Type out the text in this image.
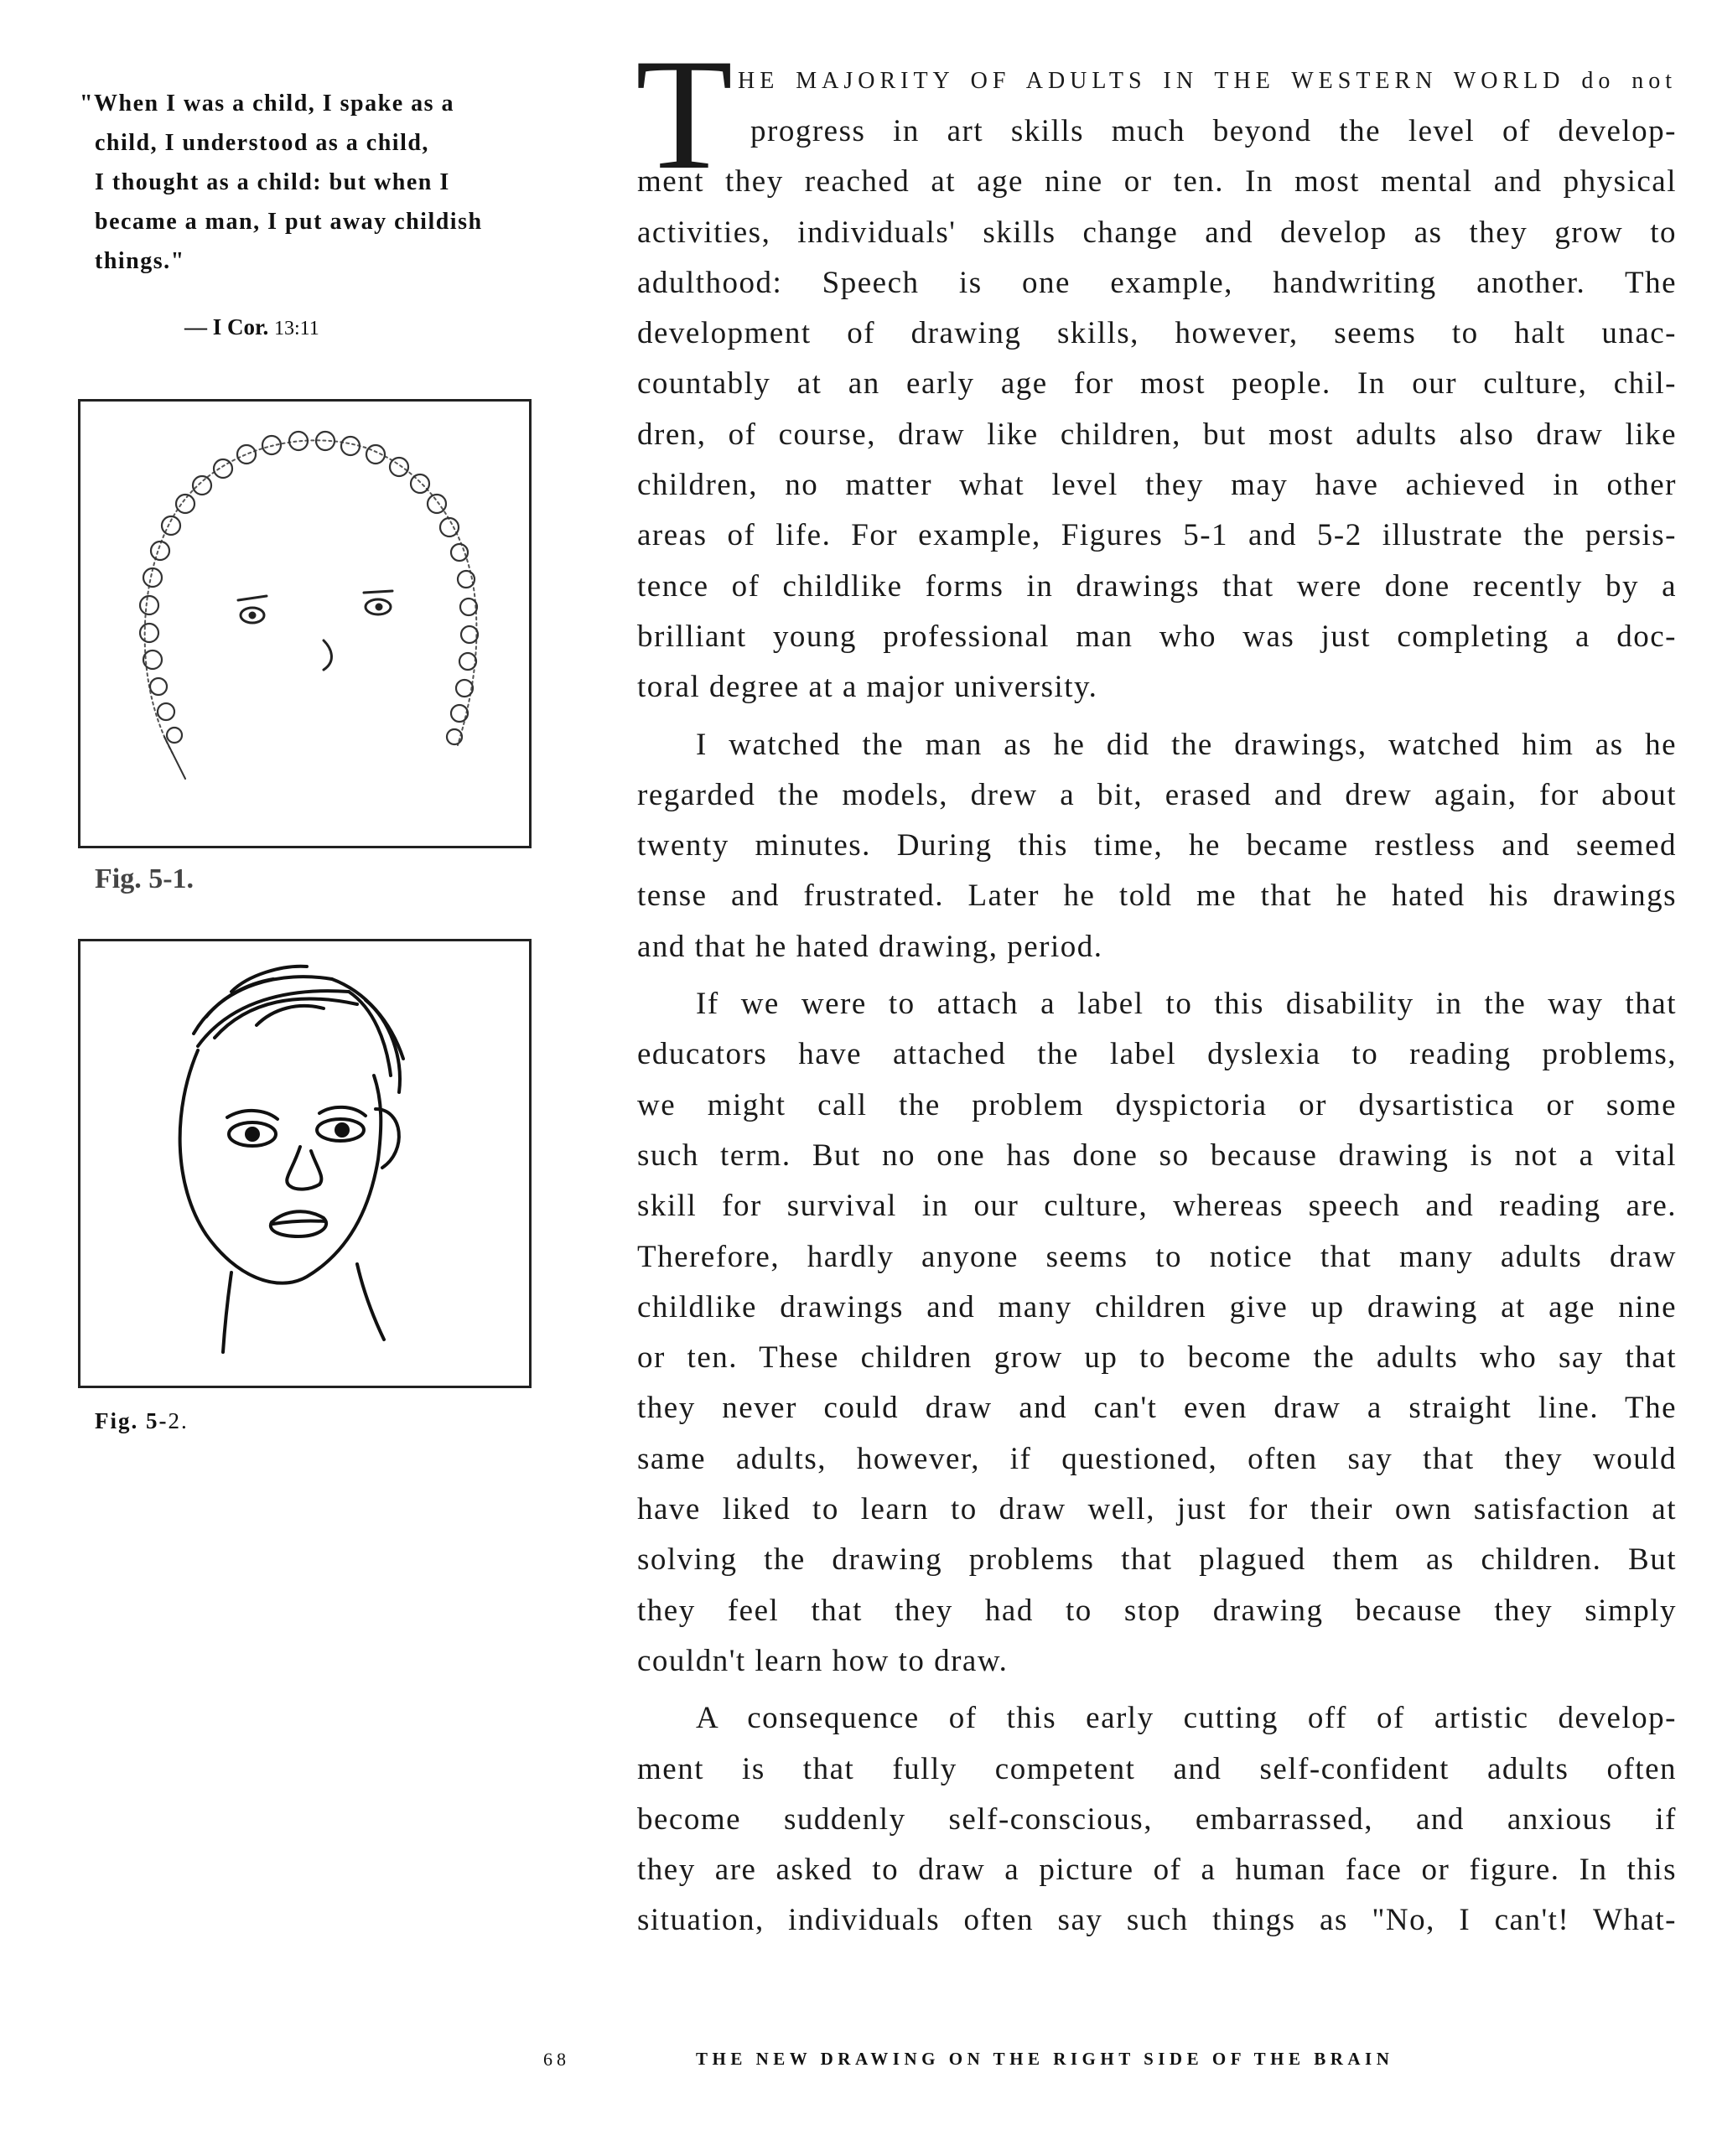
"When I was a child, I spake as a
child, I understood as a child,
I thought as a child: but when I
became a man, I put away childish
things."

— I Cor. 13:11

Fig. 5-1.

Fig. 5-2.

T HE MAJORITY OF ADULTS IN THE WESTERN WORLD do not
progress in art skills much beyond the level of develop-
ment they reached at age nine or ten. In most mental and physical
activities, individuals' skills change and develop as they grow to
adulthood: Speech is one example, handwriting another. The
development of drawing skills, however, seems to halt unac-
countably at an early age for most people. In our culture, chil-
dren, of course, draw like children, but most adults also draw like
children, no matter what level they may have achieved in other
areas of life. For example, Figures 5-1 and 5-2 illustrate the persis-
tence of childlike forms in drawings that were done recently by a
brilliant young professional man who was just completing a doc-
toral degree at a major university.
I watched the man as he did the drawings, watched him as he
regarded the models, drew a bit, erased and drew again, for about
twenty minutes. During this time, he became restless and seemed
tense and frustrated. Later he told me that he hated his drawings
and that he hated drawing, period.
If we were to attach a label to this disability in the way that
educators have attached the label dyslexia to reading problems,
we might call the problem dyspictoria or dysartistica or some
such term. But no one has done so because drawing is not a vital
skill for survival in our culture, whereas speech and reading are.
Therefore, hardly anyone seems to notice that many adults draw
childlike drawings and many children give up drawing at age nine
or ten. These children grow up to become the adults who say that
they never could draw and can't even draw a straight line. The
same adults, however, if questioned, often say that they would
have liked to learn to draw well, just for their own satisfaction at
solving the drawing problems that plagued them as children. But
they feel that they had to stop drawing because they simply
couldn't learn how to draw.
A consequence of this early cutting off of artistic develop-
ment is that fully competent and self-confident adults often
become suddenly self-conscious, embarrassed, and anxious if
they are asked to draw a picture of a human face or figure. In this
situation, individuals often say such things as "No, I can't! What-

68	THE NEW DRAWING ON THE RIGHT SIDE OF THE BRAIN
